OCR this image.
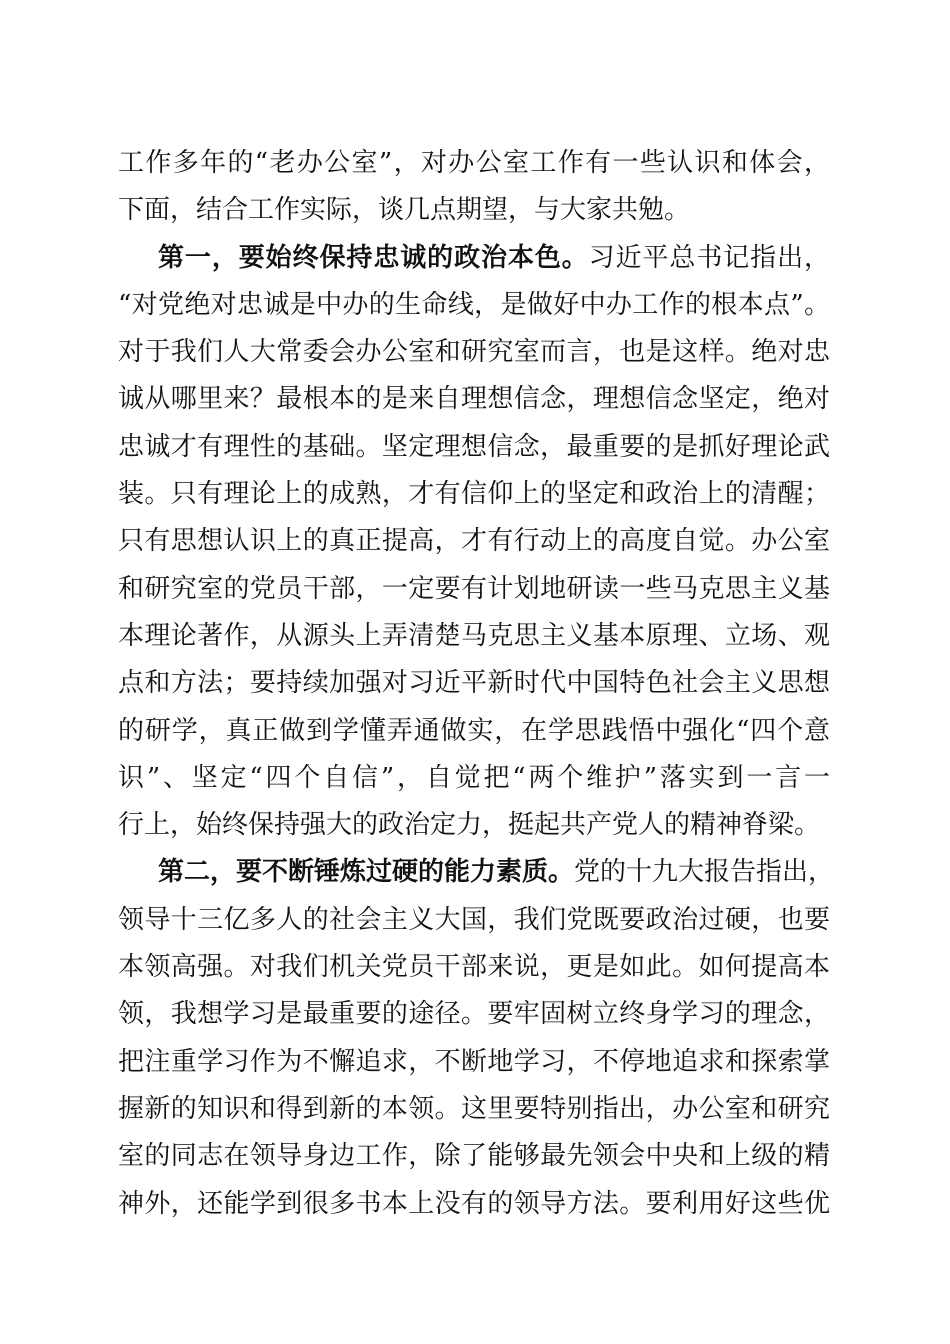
工作多年的“老办公室”，对办公室工作有一些认识和体会，
下面，结合工作实际，谈几点期望，与大家共勉。
第一，要始终保持忠诚的政治本色。习近平总书记指出，
“对党绝对忠诚是中办的生命线，是做好中办工作的根本点”。
对于我们人大常委会办公室和研究室而言，也是这样。绝对忠
诚从哪里来？最根本的是来自理想信念，理想信念坚定，绝对
忠诚才有理性的基础。坚定理想信念，最重要的是抓好理论武
装。只有理论上的成熟，才有信仰上的坚定和政治上的清醒；
只有思想认识上的真正提高，才有行动上的高度自觉。办公室
和研究室的党员干部，一定要有计划地研读一些马克思主义基
本理论著作，从源头上弄清楚马克思主义基本原理、立场、观
点和方法；要持续加强对习近平新时代中国特色社会主义思想
的研学，真正做到学懂弄通做实，在学思践悟中强化“四个意
识”、坚定“四个自信”，自觉把“两个维护”落实到一言一
行上，始终保持强大的政治定力，挺起共产党人的精神脊梁。
第二，要不断锤炼过硬的能力素质。党的十九大报告指出，
领导十三亿多人的社会主义大国，我们党既要政治过硬，也要
本领高强。对我们机关党员干部来说，更是如此。如何提高本
领，我想学习是最重要的途径。要牢固树立终身学习的理念，
把注重学习作为不懈追求，不断地学习，不停地追求和探索掌
握新的知识和得到新的本领。这里要特别指出，办公室和研究
室的同志在领导身边工作，除了能够最先领会中央和上级的精
神外，还能学到很多书本上没有的领导方法。要利用好这些优
